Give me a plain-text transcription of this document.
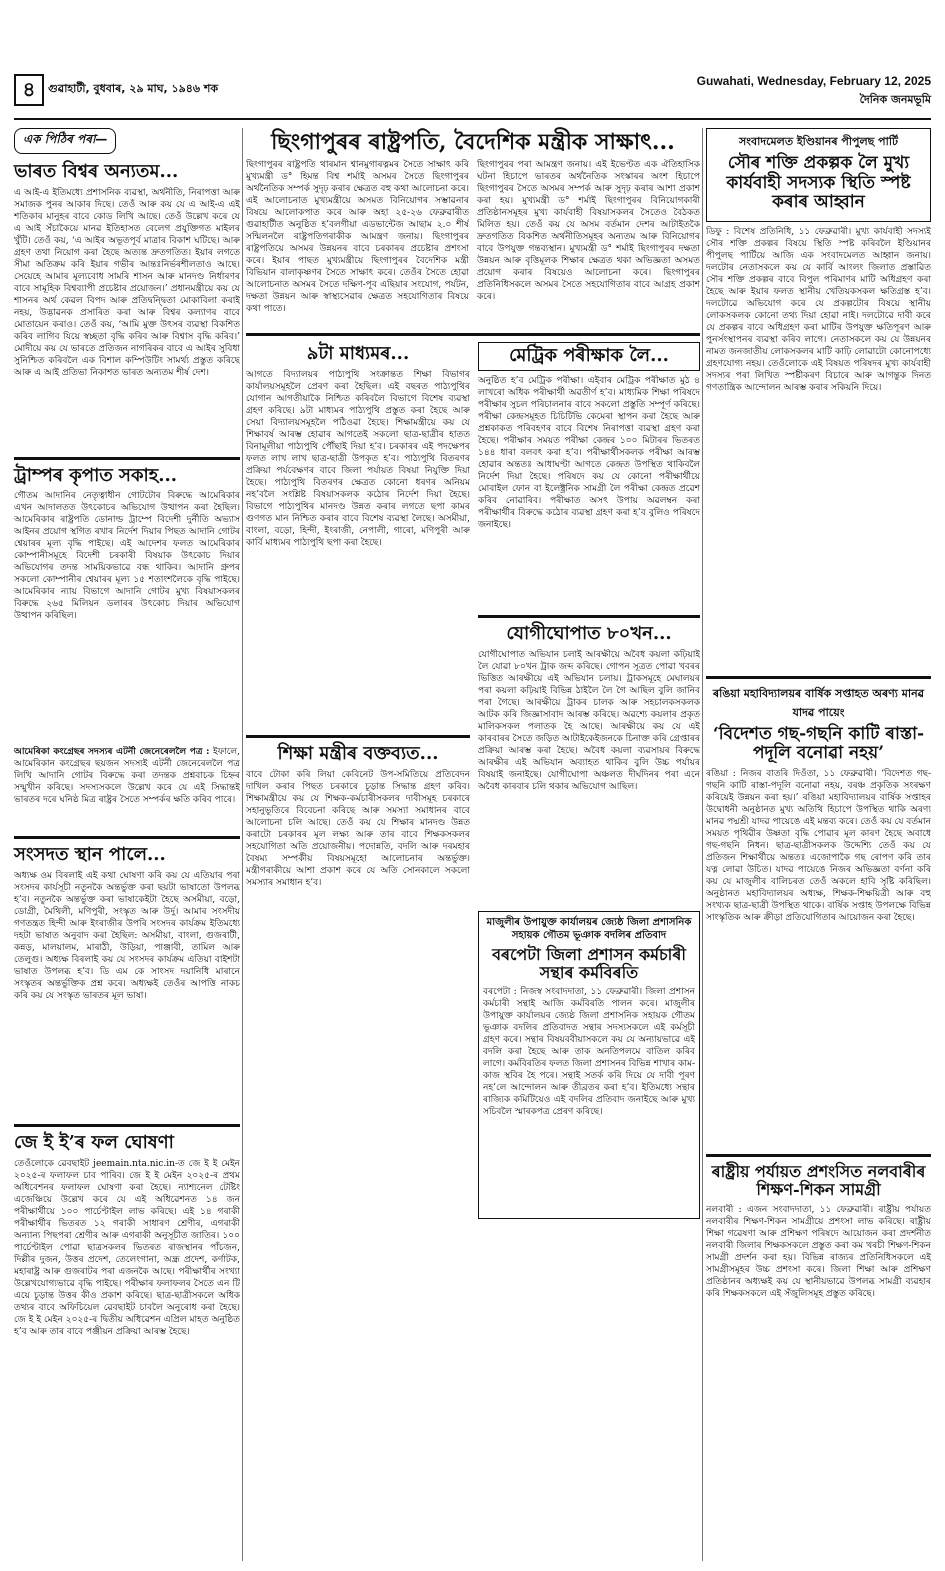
৪	গুৱাহাটী, বুধবাৰ, ২৯ মাঘ, ১৯৪৬ শক
Guwahati, Wednesday, February 12, 2025
দৈনিক জনমভূমি
এক পিঠিৰ পৰা—
ভাৰত বিশ্বৰ অন্যতম...

এ আই-এ ইতিমধ্যে প্ৰশাসনিক ব্যৱস্থা, অৰ্থনীতি, নিৰাপত্তা আৰু সমাজক পুনৰ আকাৰ দিছে। তেওঁ আৰু কয় যে এ আই-এ এই শতিকাৰ মানুহৰ বাবে কোড লিখি আছে। তেওঁ উল্লেখ কৰে যে এ আই সঁচাকৈয়ে মানৱ ইতিহাসত বেলেগ প্ৰযুক্তিগত মাইলৰ খুঁটি। তেওঁ কয়, ‘এ আইৰ অভূতপূৰ্ব মাত্ৰাৰ বিকাশ ঘটিছে। আৰু গ্ৰহণ তথা নিয়োগ কৰা হৈছে অত্যন্ত দ্ৰুতগতিত। ইয়াৰ লগতে সীমা অতিক্ৰম কৰি ইয়াৰ গভীৰ আন্তঃনিৰ্ভৰশীলতাও আছে। সেয়েহে আমাৰ মূল্যবোধ সামৰি শাসন আৰু মানদণ্ড নিৰ্ধাৰণৰ বাবে সামূহিক বিশ্বব্যাপী প্ৰচেষ্টাৰ প্ৰয়োজন।’ প্ৰধানমন্ত্ৰীয়ে কয় যে শাসনৰ অৰ্থ কেৱল বিপদ আৰু প্ৰতিদ্বন্দ্বিতা মোকাবিলা কৰাই নহয়, উদ্ভাৱনক প্ৰসাৰিত কৰা আৰু বিশ্বৰ কল্যাণৰ বাবে মোতায়েন কৰাও। তেওঁ কয়, ‘আমি মুক্ত উৎসৰ ব্যৱস্থা বিকশিত কৰিব লাগিব যিয়ে স্বচ্ছতা বৃদ্ধি কৰিব আৰু বিশ্বাস বৃদ্ধি কৰিব।’ মোদীয়ে কয় যে ভাৰতে প্ৰতিজন নাগৰিকৰ বাবে এ আইৰ সুবিধা সুনিশ্চিত কৰিবলৈ এক বিশাল কম্পিউটিং সামৰ্থ্য প্ৰস্তুত কৰিছে আৰু এ আই প্ৰতিভা নিকাশত ভাৰত অন্যতম শীৰ্ষ দেশ।

ট্ৰাম্পৰ কৃপাত সকাহ...

গৌতম আদানিৰ নেতৃত্বাধীন গোটটোৰ বিৰুদ্ধে আমেৰিকাৰ এখন আদালতত উৎকোচৰ অভিযোগ উত্থাপন কৰা হৈছিল। আমেৰিকাৰ ৰাষ্ট্ৰপতি ডোনাল্ড ট্ৰাম্পে বিদেশী দুৰ্নীতি অভ্যাস আইনৰ প্ৰয়োগ স্থগিত ৰখাৰ নিৰ্দেশ দিয়াৰ পিছত আদানি গোটৰ শ্বেয়াৰৰ মূল্য বৃদ্ধি পাইছে। এই আদেশৰ ফলত আমেৰিকাৰ কোম্পানীসমূহে বিদেশী চৰকাৰী বিষয়াক উৎকোচ দিয়াৰ অভিযোগৰ তদন্ত সাময়িকভাৱে বন্ধ থাকিব। আদানি গ্ৰুপৰ সকলো কোম্পানীৰ শ্বেয়াৰৰ মূল্য ১৫ শতাংশলৈকে বৃদ্ধি পাইছে। আমেৰিকাৰ ন্যায় বিভাগে আদানি গোটৰ মুখ্য বিষয়াসকলৰ বিৰুদ্ধে ২৬৫ মিলিয়ন ডলাৰৰ উৎকোচ দিয়াৰ অভিযোগ উত্থাপন কৰিছিল।

আমেৰিকা কংগ্ৰেছৰ সদস্যৰ এটৰ্নী জেনেৰেললৈ পত্ৰ : ইফালে, আমেৰিকান কংগ্ৰেছৰ ছয়জন সদস্যই এটৰ্নী জেনেৰেললৈ পত্ৰ লিখি আদানি গোটৰ বিৰুদ্ধে কৰা তদন্তক প্ৰশ্নবাচক চিহ্নৰ সন্মুখীন কৰিছে। সদস্যসকলে উল্লেখ কৰে যে এই সিদ্ধান্তই ভাৰতৰ দৰে ঘনিষ্ঠ মিত্ৰ ৰাষ্ট্ৰৰ সৈতে সম্পৰ্কৰ ক্ষতি কৰিব পাৰে।

সংসদত স্থান পালে...

অধ্যক্ষ ওম বিৰলাই এই কথা ঘোষণা কৰি কয় যে এতিয়াৰ পৰা সংসদৰ কাৰ্যসূচী নতুনকৈ অন্তৰ্ভুক্ত কৰা ছয়টা ভাষাতো উপলব্ধ হ’ব। নতুনকৈ অন্তৰ্ভুক্ত কৰা ভাষাকেইটা হৈছে অসমীয়া, বড়ো, ডোগ্ৰী, মৈথিলী, মণিপুৰী, সংস্কৃত আৰু উৰ্দু। আমাৰ সংসদীয় গণতন্ত্ৰত হিন্দী আৰু ইংৰাজীৰ উপৰি সংসদৰ কাৰ্যক্ৰম ইতিমধ্যে দহটা ভাষাত অনুবাদ কৰা হৈছিল: অসমীয়া, বাংলা, গুজৰাটী, কন্নড়, মালয়ালম, মাৰাঠী, উড়িয়া, পাঞ্জাবী, তামিল আৰু তেলুগু। অধ্যক্ষ বিৰলাই কয় যে সংসদৰ কাৰ্যক্ৰম এতিয়া বাইশটা ভাষাত উপলব্ধ হ’ব। ডি এম কে সাংসদ দয়ানিধি মাৰানে সংস্কৃতৰ অন্তৰ্ভুক্তিক প্ৰশ্ন কৰে। অধ্যক্ষই তেওঁৰ আপত্তি নাকচ কৰি কয় যে সংস্কৃত ভাৰতৰ মূল ভাষা।

জে ই ই’ৰ ফল ঘোষণা

তেওঁলোকে ৱেবছাইট jeemain.nta.nic.in-ত জে ই ই মেইন ২০২৫-ৰ ফলাফল চাব পাৰিব। জে ই ই মেইন ২০২৫-ৰ প্ৰথম অধিবেশনৰ ফলাফল ঘোষণা কৰা হৈছে। ন্যাশ্যনেল টেষ্টিং এজেঞ্চিয়ে উল্লেখ কৰে যে এই অধিৱেশনত ১৪ জন পৰীক্ষাৰ্থীয়ে ১০০ পাৰ্চেণ্টাইল লাভ কৰিছে। এই ১৪ গৰাকী পৰীক্ষাৰ্থীৰ ভিতৰত ১২ গৰাকী সাধাৰণ শ্ৰেণীৰ, এগৰাকী অন্যান্য পিছপৰা শ্ৰেণীৰ আৰু এগৰাকী অনুসূচীত জাতিৰ। ১০০ পাৰ্চেণ্টাইল পোৱা ছাত্ৰসকলৰ ভিতৰত ৰাজস্থানৰ পাঁচজন, দিল্লীৰ দুজন, উত্তৰ প্ৰদেশ, তেলেংগানা, অন্ধ্ৰ প্ৰদেশ, কৰ্ণাটক, মহাৰাষ্ট্ৰ আৰু গুজৰাটৰ পৰা এজনকৈ আছে। পৰীক্ষাৰ্থীৰ সংখ্যা উল্লেখযোগ্যভাৱে বৃদ্ধি পাইছে। পৰীক্ষাৰ ফলাফলৰ সৈতে এন টি এয়ে চূড়ান্ত উত্তৰ কীও প্ৰকাশ কৰিছে। ছাত্ৰ-ছাত্ৰীসকলে অধিক তথ্যৰ বাবে অফিচিয়েল ৱেবছাইট চাবলৈ অনুৰোধ কৰা হৈছে। জে ই ই মেইন ২০২৫-ৰ দ্বিতীয় অধিৱেশন এপ্ৰিল মাহত অনুষ্ঠিত হ’ব আৰু তাৰ বাবে পঞ্জীয়ন প্ৰক্ৰিয়া আৰম্ভ হৈছে।

ছিংগাপুৰৰ ৰাষ্ট্ৰপতি, বৈদেশিক মন্ত্ৰীক সাক্ষাৎ...

ছিংগাপুৰৰ ৰাষ্ট্ৰপতি থাৰমান শ্বানমুগাৰত্নমৰ সৈতে সাক্ষাৎ কৰি মুখ্যমন্ত্ৰী ড° হিমন্ত বিশ্ব শৰ্মাই অসমৰ সৈতে ছিংগাপুৰৰ অৰ্থনৈতিক সম্পৰ্ক সুদৃঢ় কৰাৰ ক্ষেত্ৰত বহু কথা আলোচনা কৰে। এই আলোচনাত মুখ্যমন্ত্ৰীয়ে অসমত বিনিয়োগৰ সম্ভাৱনাৰ বিষয়ে আলোকপাত কৰে আৰু অহা ২৫-২৬ ফেব্ৰুৱাৰীত গুৱাহাটীত অনুষ্ঠিত হ’বলগীয়া এডভান্টেজ আছাম ২.০ শীৰ্ষ সন্মিলনলৈ ৰাষ্ট্ৰপতিগৰাকীক আমন্ত্ৰণ জনায়। ছিংগাপুৰৰ ৰাষ্ট্ৰপতিয়ে অসমৰ উন্নয়নৰ বাবে চৰকাৰৰ প্ৰচেষ্টাৰ প্ৰশংসা কৰে। ইয়াৰ পাছত মুখ্যমন্ত্ৰীয়ে ছিংগাপুৰৰ বৈদেশিক মন্ত্ৰী বিভিয়ান বালাকৃষ্ণণৰ সৈতে সাক্ষাৎ কৰে। তেওঁৰ সৈতে হোৱা আলোচনাত অসমৰ সৈতে দক্ষিণ-পূব এছিয়াৰ সংযোগ, পৰ্যটন, দক্ষতা উন্নয়ন আৰু স্বাস্থ্যসেৱাৰ ক্ষেত্ৰত সহযোগিতাৰ বিষয়ে কথা পাতে।

ছিংগাপুৰৰ পৰা আমন্ত্ৰণ জনায়। এই ইভেণ্টত এক ঐতিহাসিক ঘটনা হিচাপে ভাৰতৰ অৰ্থনৈতিক সংস্কাৰৰ অংশ হিচাপে ছিংগাপুৰৰ সৈতে অসমৰ সম্পৰ্ক আৰু সুদৃঢ় কৰাৰ আশা প্ৰকাশ কৰা হয়। মুখ্যমন্ত্ৰী ড° শৰ্মাই ছিংগাপুৰৰ বিনিয়োগকাৰী প্ৰতিষ্ঠানসমূহৰ মুখ্য কাৰ্যবাহী বিষয়াসকলৰ সৈতেও বৈঠকত মিলিত হয়। তেওঁ কয় যে অসম বৰ্তমান দেশৰ আটাইতকৈ দ্ৰুতগতিত বিকশিত অৰ্থনীতিসমূহৰ অন্যতম আৰু বিনিয়োগৰ বাবে উপযুক্ত গন্তব্যস্থান। মুখ্যমন্ত্ৰী ড° শৰ্মাই ছিংগাপুৰৰ দক্ষতা উন্নয়ন আৰু বৃত্তিমূলক শিক্ষাৰ ক্ষেত্ৰত থকা অভিজ্ঞতা অসমত প্ৰয়োগ কৰাৰ বিষয়েও আলোচনা কৰে। ছিংগাপুৰৰ প্ৰতিনিধিসকলে অসমৰ সৈতে সহযোগিতাৰ বাবে আগ্ৰহ প্ৰকাশ কৰে।

৯টা মাধ্যমৰ...

আগতে বিদ্যালয়ৰ পাঠ্যপুথি সংক্ৰান্তত শিক্ষা বিভাগৰ কাৰ্যালয়সমূহলৈ প্ৰেৰণ কৰা হৈছিল। এই বছৰত পাঠ্যপুথিৰ যোগান আগতীয়াকৈ নিশ্চিত কৰিবলৈ বিভাগে বিশেষ ব্যৱস্থা গ্ৰহণ কৰিছে। ৯টা মাধ্যমৰ পাঠ্যপুথি প্ৰস্তুত কৰা হৈছে আৰু সেয়া বিদ্যালয়সমূহলৈ পঠিওৱা হৈছে। শিক্ষামন্ত্ৰীয়ে কয় যে শিক্ষাবৰ্ষ আৰম্ভ হোৱাৰ আগতেই সকলো ছাত্ৰ-ছাত্ৰীৰ হাতত বিনামূলীয়া পাঠ্যপুথি পৌঁছাই দিয়া হ’ব। চৰকাৰৰ এই পদক্ষেপৰ ফলত লাখ লাখ ছাত্ৰ-ছাত্ৰী উপকৃত হ’ব। পাঠ্যপুথি বিতৰণৰ প্ৰক্ৰিয়া পৰ্যবেক্ষণৰ বাবে জিলা পৰ্যায়ত বিষয়া নিযুক্তি দিয়া হৈছে। পাঠ্যপুথি বিতৰণৰ ক্ষেত্ৰত কোনো ধৰণৰ অনিয়ম নহ’বলৈ সংশ্লিষ্ট বিষয়াসকলক কঠোৰ নিৰ্দেশ দিয়া হৈছে। বিভাগে পাঠ্যপুথিৰ মানদণ্ড উন্নত কৰাৰ লগতে ছপা কামৰ গুণগত মান নিশ্চিত কৰাৰ বাবে বিশেষ ব্যৱস্থা লৈছে। অসমীয়া, বাংলা, বড়ো, হিন্দী, ইংৰাজী, নেপালী, গাৰো, মণিপুৰী আৰু কাৰ্বি মাধ্যমৰ পাঠ্যপুথি ছপা কৰা হৈছে।

শিক্ষা মন্ত্ৰীৰ বক্তব্যত...

বাবে টোকা কৰি লিয়া কেবিনেট উপ-সমিতিয়ে প্ৰতিবেদন দাখিল কৰাৰ পিছত চৰকাৰে চূড়ান্ত সিদ্ধান্ত গ্ৰহণ কৰিব। শিক্ষামন্ত্ৰীয়ে কয় যে শিক্ষক-কৰ্মচাৰীসকলৰ দাবীসমূহ চৰকাৰে সহানুভূতিৰে বিবেচনা কৰিছে আৰু সমস্যা সমাধানৰ বাবে আলোচনা চলি আছে। তেওঁ কয় যে শিক্ষাৰ মানদণ্ড উন্নত কৰাটো চৰকাৰৰ মূল লক্ষ্য আৰু তাৰ বাবে শিক্ষকসকলৰ সহযোগিতা অতি প্ৰয়োজনীয়। পদোন্নতি, বদলি আৰু দৰমহাৰ বৈষম্য সম্পৰ্কীয় বিষয়সমূহো আলোচনাৰ অন্তৰ্ভুক্ত। মন্ত্ৰীগৰাকীয়ে আশা প্ৰকাশ কৰে যে অতি সোনকালে সকলো সমস্যাৰ সমাধান হ’ব।

মেট্ৰিক পৰীক্ষাক লৈ...

অনুষ্ঠিত হ’ব মেট্ৰিক পৰীক্ষা। এইবাৰ মেট্ৰিক পৰীক্ষাত মুঠ ৪ লাখৰো অধিক পৰীক্ষাৰ্থী অৱতীৰ্ণ হ’ব। মাধ্যমিক শিক্ষা পৰিষদে পৰীক্ষাৰ সুচল পৰিচালনাৰ বাবে সকলো প্ৰস্তুতি সম্পূৰ্ণ কৰিছে। পৰীক্ষা কেন্দ্ৰসমূহত চিচিটিভি কেমেৰা স্থাপন কৰা হৈছে আৰু প্ৰশ্নকাকত পৰিবহণৰ বাবে বিশেষ নিৰাপত্তা ব্যৱস্থা গ্ৰহণ কৰা হৈছে। পৰীক্ষাৰ সময়ত পৰীক্ষা কেন্দ্ৰৰ ১০০ মিটাৰৰ ভিতৰত ১৪৪ ধাৰা বলবৎ কৰা হ’ব। পৰীক্ষাৰ্থীসকলক পৰীক্ষা আৰম্ভ হোৱাৰ অন্ততঃ আধাঘণ্টা আগতে কেন্দ্ৰত উপস্থিত থাকিবলৈ নিৰ্দেশ দিয়া হৈছে। পৰিষদে কয় যে কোনো পৰীক্ষাৰ্থীয়ে মোবাইল ফোন বা ইলেক্ট্ৰনিক সামগ্ৰী লৈ পৰীক্ষা কেন্দ্ৰত প্ৰৱেশ কৰিব নোৱাৰিব। পৰীক্ষাত অসৎ উপায় অৱলম্বন কৰা পৰীক্ষাৰ্থীৰ বিৰুদ্ধে কঠোৰ ব্যৱস্থা গ্ৰহণ কৰা হ’ব বুলিও পৰিষদে জনাইছে।

যোগীঘোপাত ৮০খন...

যোগীঘোপাত অভিযান চলাই আৰক্ষীয়ে অবৈধ কয়লা কঢ়িয়াই লৈ যোৱা ৮০খন ট্ৰাক জব্দ কৰিছে। গোপন সূত্ৰত পোৱা খবৰৰ ভিত্তিত আৰক্ষীয়ে এই অভিযান চলায়। ট্ৰাকসমূহে মেঘালয়ৰ পৰা কয়লা কঢ়িয়াই বিভিন্ন ঠাইলৈ লৈ গৈ আছিল বুলি জানিব পৰা গৈছে। আৰক্ষীয়ে ট্ৰাকৰ চালক আৰু সহচালকসকলক আটক কৰি জিজ্ঞাসাবাদ আৰম্ভ কৰিছে। অৱশ্যে কয়লাৰ প্ৰকৃত মালিকসকল পলাতক হৈ আছে। আৰক্ষীয়ে কয় যে এই কাৰবাৰৰ সৈতে জড়িত আটাইকেইজনকে চিনাক্ত কৰি গ্ৰেপ্তাৰৰ প্ৰক্ৰিয়া আৰম্ভ কৰা হৈছে। অবৈধ কয়লা ব্যৱসায়ৰ বিৰুদ্ধে আৰক্ষীৰ এই অভিযান অব্যাহত থাকিব বুলি উচ্চ পৰ্যায়ৰ বিষয়াই জনাইছে। যোগীঘোপা অঞ্চলত দীৰ্ঘদিনৰ পৰা এনে অবৈধ কাৰবাৰ চলি থকাৰ অভিযোগ আছিল।

মাজুলীৰ উপায়ুক্ত কাৰ্যালয়ৰ জ্যেষ্ঠ জিলা প্ৰশাসনিক সহায়ক গৌতম ভূঞাক বদলিৰ প্ৰতিবাদ
বৰপেটা জিলা প্ৰশাসন কৰ্মচাৰী সন্থাৰ কৰ্মবিৰতি

বৰপেটা : নিজস্ব সংবাদদাতা, ১১ ফেব্ৰুৱাৰী। জিলা প্ৰশাসন কৰ্মচাৰী সন্থাই আজি কৰ্মবিৰতি পালন কৰে। মাজুলীৰ উপায়ুক্ত কাৰ্যালয়ৰ জ্যেষ্ঠ জিলা প্ৰশাসনিক সহায়ক গৌতম ভূঞাক বদলিৰ প্ৰতিবাদত সন্থাৰ সদস্যসকলে এই কৰ্মসূচী গ্ৰহণ কৰে। সন্থাৰ বিষয়ববীয়াসকলে কয় যে অন্যায়ভাৱে এই বদলি কৰা হৈছে আৰু তাক অনতিপলমে বাতিল কৰিব লাগে। কৰ্মবিৰতিৰ ফলত জিলা প্ৰশাসনৰ বিভিন্ন শাখাৰ কাম-কাজ স্থবিৰ হৈ পৰে। সন্থাই সতৰ্ক কৰি দিয়ে যে দাবী পূৰণ নহ’লে আন্দোলন আৰু তীব্ৰতৰ কৰা হ’ব। ইতিমধ্যে সন্থাৰ ৰাজ্যিক কমিটিয়েও এই বদলিৰ প্ৰতিবাদ জনাইছে আৰু মুখ্য সচিবলৈ স্মাৰকপত্ৰ প্ৰেৰণ কৰিছে।

সংবাদমেলত ইণ্ডিয়ানৰ পীপুলছ পাৰ্টি
সৌৰ শক্তি প্ৰকল্পক লৈ মুখ্য কাৰ্যবাহী সদস্যক স্থিতি স্পষ্ট কৰাৰ আহ্বান

ডিফু : বিশেষ প্ৰতিনিধি, ১১ ফেব্ৰুৱাৰী। মুখ্য কাৰ্যবাহী সদস্যই সৌৰ শক্তি প্ৰকল্পৰ বিষয়ে স্থিতি স্পষ্ট কৰিবলৈ ইণ্ডিয়ানৰ পীপুলছ পাৰ্টিয়ে আজি এক সংবাদমেলত আহ্বান জনায়। দলটোৰ নেতাসকলে কয় যে কাৰ্বি আংলং জিলাত প্ৰস্তাৱিত সৌৰ শক্তি প্ৰকল্পৰ বাবে বিপুল পৰিমাণৰ মাটি অধিগ্ৰহণ কৰা হৈছে আৰু ইয়াৰ ফলত স্থানীয় খেতিয়কসকল ক্ষতিগ্ৰস্ত হ’ব। দলটোৱে অভিযোগ কৰে যে প্ৰকল্পটোৰ বিষয়ে স্থানীয় লোকসকলক কোনো তথ্য দিয়া হোৱা নাই। দলটোৱে দাবী কৰে যে প্ৰকল্পৰ বাবে অধিগ্ৰহণ কৰা মাটিৰ উপযুক্ত ক্ষতিপূৰণ আৰু পুনৰ্সংস্থাপনৰ ব্যৱস্থা কৰিব লাগে। নেতাসকলে কয় যে উন্নয়নৰ নামত জনজাতীয় লোকসকলৰ মাটি কাঢ়ি লোৱাটো কোনোপধ্যে গ্ৰহণযোগ্য নহয়। তেওঁলোকে এই বিষয়ত পৰিষদৰ মুখ্য কাৰ্যবাহী সদস্যৰ পৰা লিখিত স্পষ্টীকৰণ বিচাৰে আৰু আগন্তুক দিনত গণতান্ত্ৰিক আন্দোলন আৰম্ভ কৰাৰ সকিয়নি দিয়ে।

ৰঙিয়া মহাবিদ্যালয়ৰ বাৰ্ষিক সপ্তাহত অৰণ্য মানৱ যাদৱ পায়েং
‘বিদেশত গছ-গছনি কাটি ৰাস্তা-পদূলি বনোৱা নহয়’

ৰঙিয়া : নিজৰ বাতৰি দিওঁতা, ১১ ফেব্ৰুৱাৰী। ‘বিদেশত গছ-গছনি কাটি ৰাস্তা-পদূলি বনোৱা নহয়, বৰঞ্চ প্ৰকৃতিক সংৰক্ষণ কৰিয়েই উন্নয়ন কৰা হয়।’ ৰঙিয়া মহাবিদ্যালয়ৰ বাৰ্ষিক সপ্তাহৰ উদ্বোধনী অনুষ্ঠানত মুখ্য অতিথি হিচাপে উপস্থিত থাকি অৰণ্য মানৱ পদ্মশ্ৰী যাদৱ পায়েঙে এই মন্তব্য কৰে। তেওঁ কয় যে বৰ্তমান সময়ত পৃথিৱীৰ উষ্ণতা বৃদ্ধি পোৱাৰ মূল কাৰণ হৈছে অবাধে গছ-গছনি নিধন। ছাত্ৰ-ছাত্ৰীসকলক উদ্দেশ্যি তেওঁ কয় যে প্ৰতিজন শিক্ষাৰ্থীয়ে অন্ততঃ এজোপাকৈ গছ ৰোপণ কৰি তাৰ যত্ন লোৱা উচিত। যাদৱ পায়েঙে নিজৰ অভিজ্ঞতা বৰ্ণনা কৰি কয় যে মাজুলীৰ বালিচৰত তেওঁ অকলে হাবি সৃষ্টি কৰিছিল। অনুষ্ঠানত মহাবিদ্যালয়ৰ অধ্যক্ষ, শিক্ষক-শিক্ষয়িত্ৰী আৰু বহু সংখ্যক ছাত্ৰ-ছাত্ৰী উপস্থিত থাকে। বাৰ্ষিক সপ্তাহ উপলক্ষে বিভিন্ন সাংস্কৃতিক আৰু ক্ৰীড়া প্ৰতিযোগিতাৰ আয়োজন কৰা হৈছে।

ৰাষ্ট্ৰীয় পৰ্যায়ত প্ৰশংসিত নলবাৰীৰ শিক্ষণ-শিকন সামগ্ৰী

নলবাৰী : এজন সংবাদদাতা, ১১ ফেব্ৰুৱাৰী। ৰাষ্ট্ৰীয় পৰ্যায়ত নলবাৰীৰ শিক্ষণ-শিকন সামগ্ৰীয়ে প্ৰশংসা লাভ কৰিছে। ৰাষ্ট্ৰীয় শিক্ষা গৱেষণা আৰু প্ৰশিক্ষণ পৰিষদে আয়োজন কৰা প্ৰদৰ্শনীত নলবাৰী জিলাৰ শিক্ষকসকলে প্ৰস্তুত কৰা কম খৰচী শিক্ষণ-শিকন সামগ্ৰী প্ৰদৰ্শন কৰা হয়। বিভিন্ন ৰাজ্যৰ প্ৰতিনিধিসকলে এই সামগ্ৰীসমূহৰ উচ্চ প্ৰশংসা কৰে। জিলা শিক্ষা আৰু প্ৰশিক্ষণ প্ৰতিষ্ঠানৰ অধ্যক্ষই কয় যে স্থানীয়ভাৱে উপলব্ধ সামগ্ৰী ব্যৱহাৰ কৰি শিক্ষকসকলে এই সঁজুলিসমূহ প্ৰস্তুত কৰিছে।
